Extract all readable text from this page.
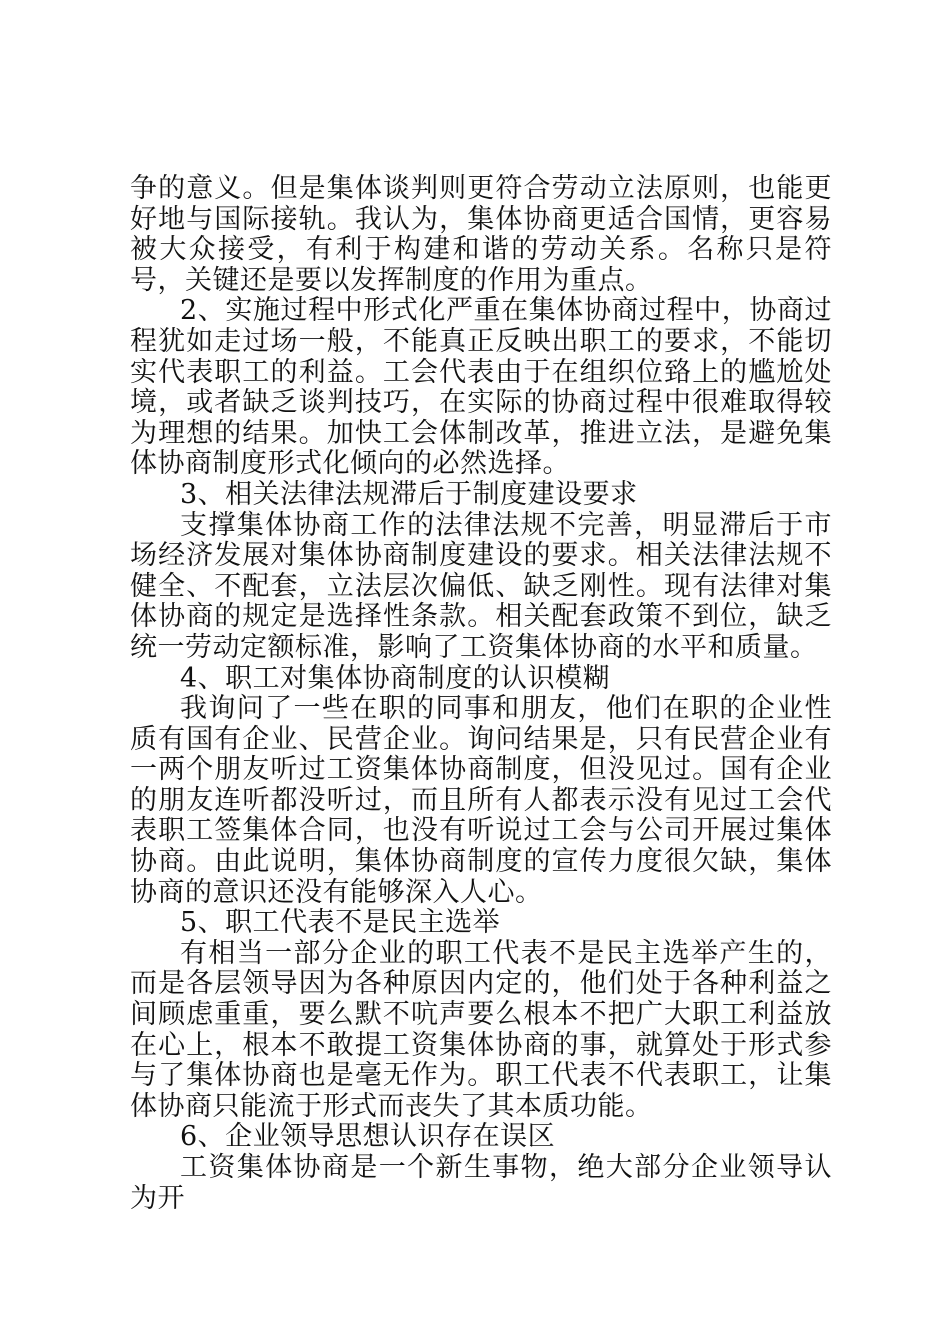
争的意义。但是集体谈判则更符合劳动立法原则，也能更好地与国际接轨。我认为，集体协商更适合国情，更容易被大众接受，有利于构建和谐的劳动关系。名称只是符号，关键还是要以发挥制度的作用为重点。

2、实施过程中形式化严重在集体协商过程中，协商过程犹如走过场一般，不能真正反映出职工的要求，不能切实代表职工的利益。工会代表由于在组织位臵上的尴尬处境，或者缺乏谈判技巧，在实际的协商过程中很难取得较为理想的结果。加快工会体制改革，推进立法，是避免集体协商制度形式化倾向的必然选择。

3、相关法律法规滞后于制度建设要求

支撑集体协商工作的法律法规不完善，明显滞后于市场经济发展对集体协商制度建设的要求。相关法律法规不健全、不配套，立法层次偏低、缺乏刚性。现有法律对集体协商的规定是选择性条款。相关配套政策不到位，缺乏统一劳动定额标准，影响了工资集体协商的水平和质量。

4、职工对集体协商制度的认识模糊

我询问了一些在职的同事和朋友，他们在职的企业性质有国有企业、民营企业。询问结果是，只有民营企业有一两个朋友听过工资集体协商制度，但没见过。国有企业的朋友连听都没听过，而且所有人都表示没有见过工会代表职工签集体合同，也没有听说过工会与公司开展过集体协商。由此说明，集体协商制度的宣传力度很欠缺，集体协商的意识还没有能够深入人心。

5、职工代表不是民主选举

有相当一部分企业的职工代表不是民主选举产生的，而是各层领导因为各种原因内定的，他们处于各种利益之间顾虑重重，要么默不吭声要么根本不把广大职工利益放在心上，根本不敢提工资集体协商的事，就算处于形式参与了集体协商也是毫无作为。职工代表不代表职工，让集体协商只能流于形式而丧失了其本质功能。

6、企业领导思想认识存在误区

工资集体协商是一个新生事物，绝大部分企业领导认为开
